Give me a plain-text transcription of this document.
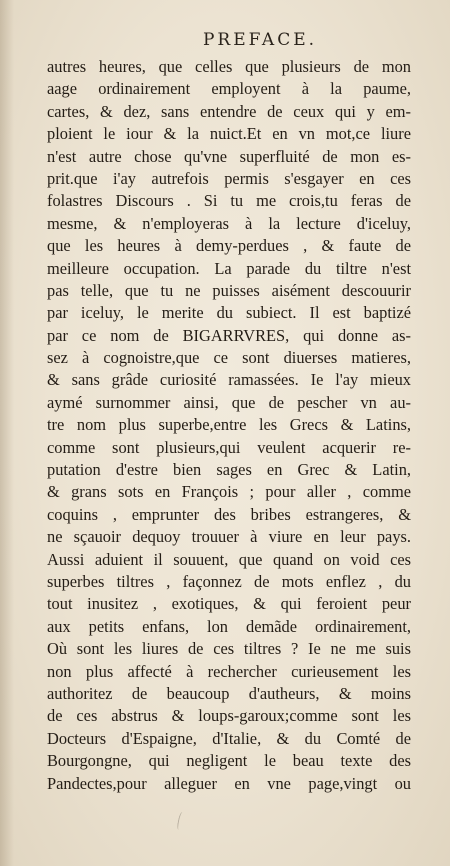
PREFACE.
autres heures, que celles que plusieurs de mon
aage ordinairement employent à la paume,
cartes, & dez, sans entendre de ceux qui y em-
ploient le iour & la nuict.Et en vn mot,ce liure
n'est autre chose qu'vne superfluité de mon es-
prit.que i'ay autrefois permis s'esgayer en ces
folastres Discours . Si tu me crois,tu feras de
mesme, & n'employeras à la lecture d'iceluy,
que les heures à demy-perdues , & faute de
meilleure occupation. La parade du tiltre n'est
pas telle, que tu ne puisses aisément descouurir
par iceluy, le merite du subiect. Il est baptizé
par ce nom de BIGARRVRES, qui donne as-
sez à cognoistre,que ce sont diuerses matieres,
& sans grâde curiosité ramassées. Ie l'ay mieux
aymé surnommer ainsi, que de pescher vn au-
tre nom plus superbe,entre les Grecs & Latins,
comme sont plusieurs,qui veulent acquerir re-
putation d'estre bien sages en Grec & Latin,
& grans sots en François ; pour aller , comme
coquins , emprunter des bribes estrangeres, &
ne sçauoir dequoy trouuer à viure en leur pays.
Aussi aduient il souuent, que quand on void ces
superbes tiltres , façonnez de mots enflez , du
tout inusitez , exotiques, & qui feroient peur
aux petits enfans, lon demãde ordinairement,
Où sont les liures de ces tiltres ? Ie ne me suis
non plus affecté à rechercher curieusement les
authoritez de beaucoup d'autheurs, & moins
de ces abstrus & loups-garoux;comme sont les
Docteurs d'Espaigne, d'Italie, & du Comté de
Bourgongne, qui negligent le beau texte des
Pandectes,pour alleguer en vne page,vingt ou
